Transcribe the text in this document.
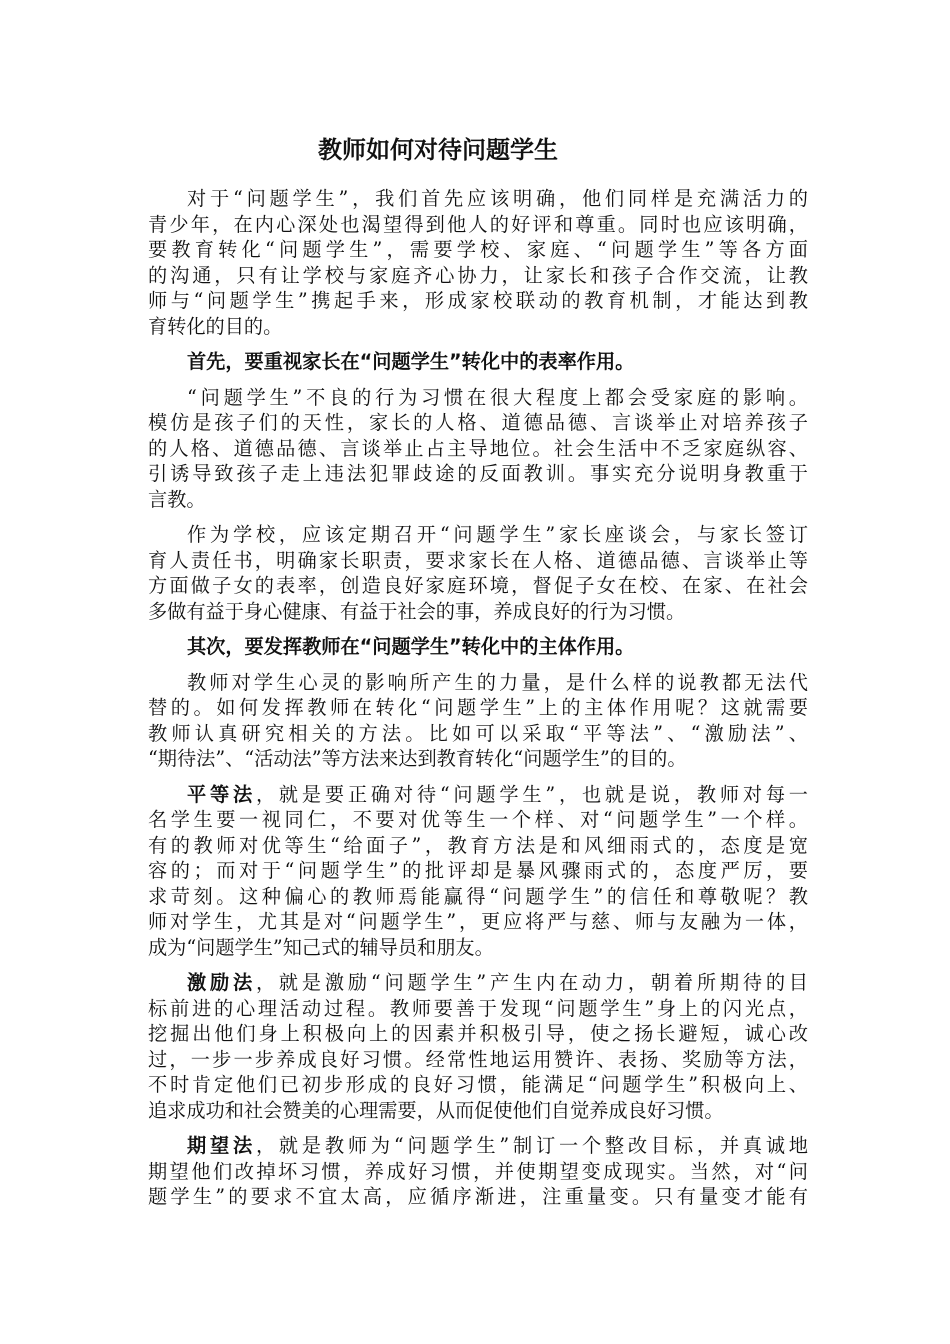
教师如何对待问题学生
对于“问题学生”，我们首先应该明确，他们同样是充满活力的
青少年，在内心深处也渴望得到他人的好评和尊重。同时也应该明确，
要教育转化“问题学生”，需要学校、家庭、“问题学生”等各方面
的沟通，只有让学校与家庭齐心协力，让家长和孩子合作交流，让教
师与“问题学生”携起手来，形成家校联动的教育机制，才能达到教
育转化的目的。
首先，要重视家长在“问题学生”转化中的表率作用。
“问题学生”不良的行为习惯在很大程度上都会受家庭的影响。
模仿是孩子们的天性，家长的人格、道德品德、言谈举止对培养孩子
的人格、道德品德、言谈举止占主导地位。社会生活中不乏家庭纵容、
引诱导致孩子走上违法犯罪歧途的反面教训。事实充分说明身教重于
言教。
作为学校，应该定期召开“问题学生”家长座谈会，与家长签订
育人责任书，明确家长职责，要求家长在人格、道德品德、言谈举止等
方面做子女的表率，创造良好家庭环境，督促子女在校、在家、在社会
多做有益于身心健康、有益于社会的事，养成良好的行为习惯。
其次，要发挥教师在“问题学生”转化中的主体作用。
教师对学生心灵的影响所产生的力量，是什么样的说教都无法代
替的。如何发挥教师在转化“问题学生”上的主体作用呢？这就需要
教师认真研究相关的方法。比如可以采取“平等法”、“激励法”、
“期待法”、“活动法”等方法来达到教育转化“问题学生”的目的。
平等法，就是要正确对待“问题学生”，也就是说，教师对每一
名学生要一视同仁，不要对优等生一个样、对“问题学生”一个样。
有的教师对优等生“给面子”，教育方法是和风细雨式的，态度是宽
容的；而对于“问题学生”的批评却是暴风骤雨式的，态度严厉，要
求苛刻。这种偏心的教师焉能赢得“问题学生”的信任和尊敬呢？教
师对学生，尤其是对“问题学生”，更应将严与慈、师与友融为一体，
成为“问题学生”知己式的辅导员和朋友。
激励法，就是激励“问题学生”产生内在动力，朝着所期待的目
标前进的心理活动过程。教师要善于发现“问题学生”身上的闪光点，
挖掘出他们身上积极向上的因素并积极引导，使之扬长避短，诚心改
过，一步一步养成良好习惯。经常性地运用赞许、表扬、奖励等方法，
不时肯定他们已初步形成的良好习惯，能满足“问题学生”积极向上、
追求成功和社会赞美的心理需要，从而促使他们自觉养成良好习惯。
期望法，就是教师为“问题学生”制订一个整改目标，并真诚地
期望他们改掉坏习惯，养成好习惯，并使期望变成现实。当然，对“问
题学生”的要求不宜太高，应循序渐进，注重量变。只有量变才能有
